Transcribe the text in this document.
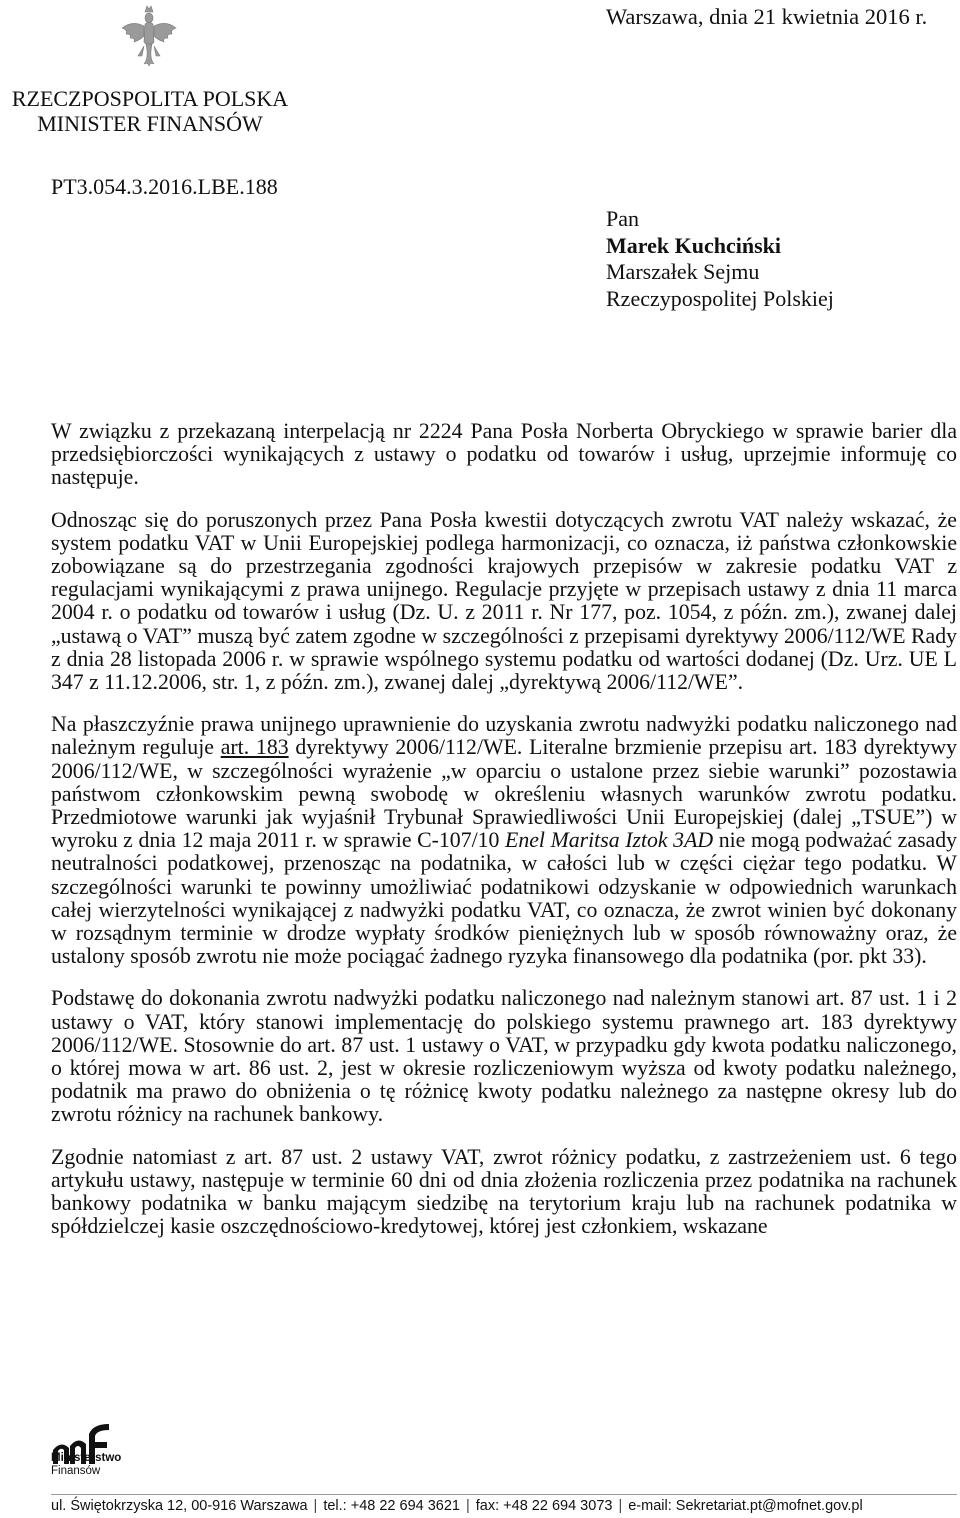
Warszawa, dnia 21 kwietnia 2016 r.
RZECZPOSPOLITA POLSKA
MINISTER FINANSÓW
PT3.054.3.2016.LBE.188
Pan
Marek Kuchciński
Marszałek Sejmu
Rzeczypospolitej Polskiej

W związku z przekazaną interpelacją nr 2224 Pana Posła Norberta Obryckiego w sprawie barier dla przedsiębiorczości wynikających z ustawy o podatku od towarów i usług, uprzejmie informuję co następuje.

Odnosząc się do poruszonych przez Pana Posła kwestii dotyczących zwrotu VAT należy wskazać, że system podatku VAT w Unii Europejskiej podlega harmonizacji, co oznacza, iż państwa członkowskie zobowiązane są do przestrzegania zgodności krajowych przepisów w zakresie podatku VAT z regulacjami wynikającymi z prawa unijnego. Regulacje przyjęte w przepisach ustawy z dnia 11 marca 2004 r. o podatku od towarów i usług (Dz. U. z 2011 r. Nr 177, poz. 1054, z późn. zm.), zwanej dalej „ustawą o VAT” muszą być zatem zgodne w szczególności z przepisami dyrektywy 2006/112/WE Rady z dnia 28 listopada 2006 r. w sprawie wspólnego systemu podatku od wartości dodanej (Dz. Urz. UE L 347 z 11.12.2006, str. 1, z późn. zm.), zwanej dalej „dyrektywą 2006/112/WE”.

Na płaszczyźnie prawa unijnego uprawnienie do uzyskania zwrotu nadwyżki podatku naliczonego nad należnym reguluje art. 183 dyrektywy 2006/112/WE. Literalne brzmienie przepisu art. 183 dyrektywy 2006/112/WE, w szczególności wyrażenie „w oparciu o ustalone przez siebie warunki” pozostawia państwom członkowskim pewną swobodę w określeniu własnych warunków zwrotu podatku. Przedmiotowe warunki jak wyjaśnił Trybunał Sprawiedliwości Unii Europejskiej (dalej „TSUE”) w wyroku z dnia 12 maja 2011 r. w sprawie C-107/10 Enel Maritsa Iztok 3AD nie mogą podważać zasady neutralności podatkowej, przenosząc na podatnika, w całości lub w części ciężar tego podatku. W szczególności warunki te powinny umożliwiać podatnikowi odzyskanie w odpowiednich warunkach całej wierzytelności wynikającej z nadwyżki podatku VAT, co oznacza, że zwrot winien być dokonany w rozsądnym terminie w drodze wypłaty środków pieniężnych lub w sposób równoważny oraz, że ustalony sposób zwrotu nie może pociągać żadnego ryzyka finansowego dla podatnika (por. pkt 33).

Podstawę do dokonania zwrotu nadwyżki podatku naliczonego nad należnym stanowi art. 87 ust. 1 i 2 ustawy o VAT, który stanowi implementację do polskiego systemu prawnego art. 183 dyrektywy 2006/112/WE. Stosownie do art. 87 ust. 1 ustawy o VAT, w przypadku gdy kwota podatku naliczonego, o której mowa w art. 86 ust. 2, jest w okresie rozliczeniowym wyższa od kwoty podatku należnego, podatnik ma prawo do obniżenia o tę różnicę kwoty podatku należnego za następne okresy lub do zwrotu różnicy na rachunek bankowy.

Zgodnie natomiast z art. 87 ust. 2 ustawy VAT, zwrot różnicy podatku, z zastrzeżeniem ust. 6 tego artykułu ustawy, następuje w terminie 60 dni od dnia złożenia rozliczenia przez podatnika na rachunek bankowy podatnika w banku mającym siedzibę na terytorium kraju lub na rachunek podatnika w spółdzielczej kasie oszczędnościowo-kredytowej, której jest członkiem, wskazane

Ministerstwo
Finansów
ul. Świętokrzyska 12, 00-916 Warszawa | tel.: +48 22 694 3621 | fax: +48 22 694 3073 | e-mail: Sekretariat.pt@mofnet.gov.pl
